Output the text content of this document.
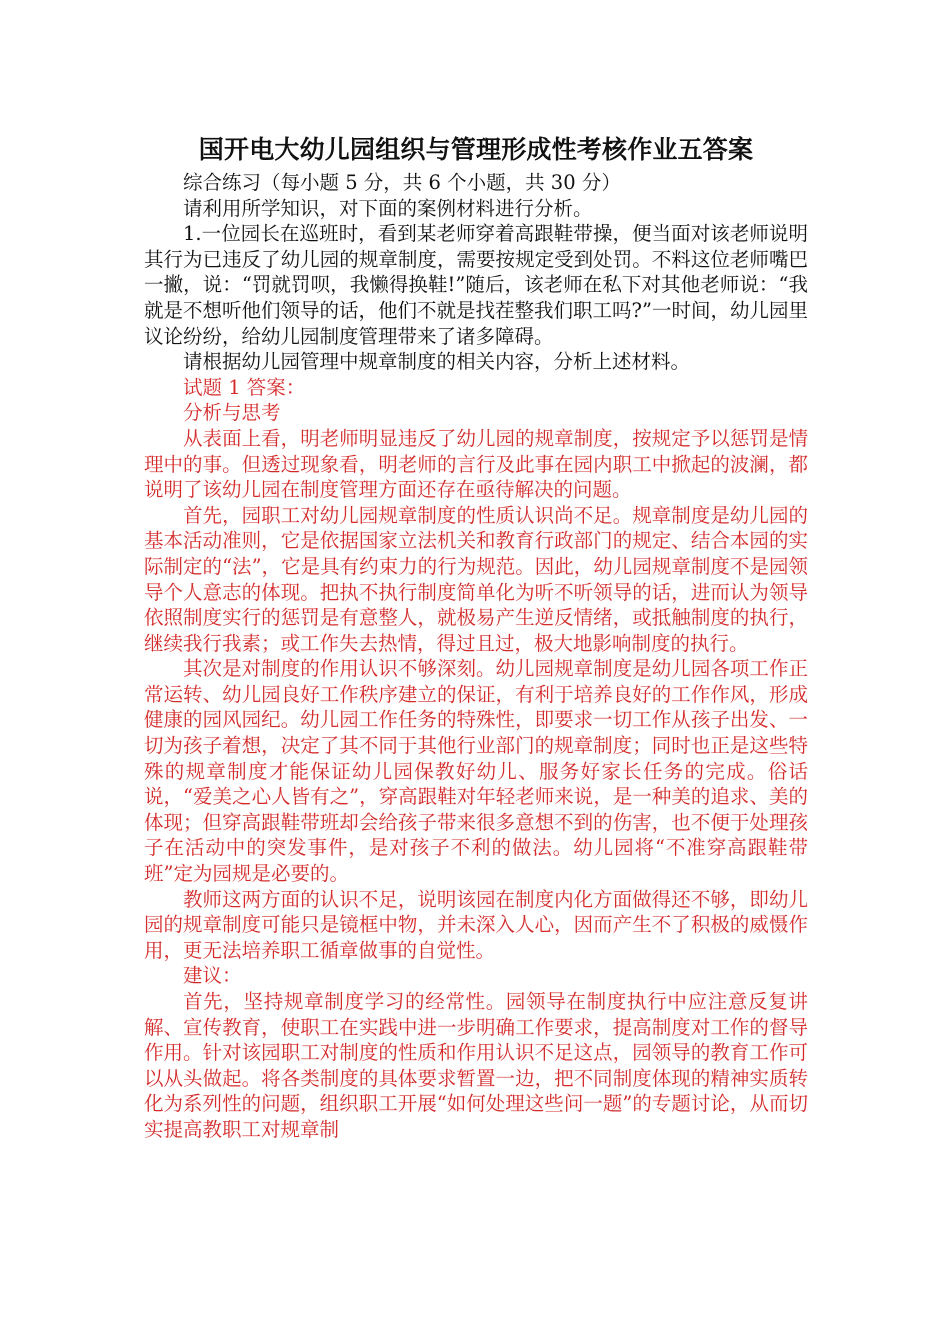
国开电大幼儿园组织与管理形成性考核作业五答案

综合练习（每小题 5 分，共 6 个小题，共 30 分）

请利用所学知识，对下面的案例材料进行分析。

1.一位园长在巡班时，看到某老师穿着高跟鞋带操，便当面对该老师说明其行为已违反了幼儿园的规章制度，需要按规定受到处罚。不料这位老师嘴巴一撇，说：“罚就罚呗，我懒得换鞋!”随后，该老师在私下对其他老师说：“我就是不想听他们领导的话，他们不就是找茬整我们职工吗?”一时间，幼儿园里议论纷纷，给幼儿园制度管理带来了诸多障碍。

请根据幼儿园管理中规章制度的相关内容，分析上述材料。

试题 1 答案：

分析与思考

从表面上看，明老师明显违反了幼儿园的规章制度，按规定予以惩罚是情理中的事。但透过现象看，明老师的言行及此事在园内职工中掀起的波澜，都说明了该幼儿园在制度管理方面还存在亟待解决的问题。

首先，园职工对幼儿园规章制度的性质认识尚不足。规章制度是幼儿园的基本活动准则，它是依据国家立法机关和教育行政部门的规定、结合本园的实际制定的“法”，它是具有约束力的行为规范。因此，幼儿园规章制度不是园领导个人意志的体现。把执不执行制度简单化为听不听领导的话，进而认为领导依照制度实行的惩罚是有意整人，就极易产生逆反情绪，或抵触制度的执行，继续我行我素；或工作失去热情，得过且过，极大地影响制度的执行。

其次是对制度的作用认识不够深刻。幼儿园规章制度是幼儿园各项工作正常运转、幼儿园良好工作秩序建立的保证，有利于培养良好的工作作风，形成健康的园风园纪。幼儿园工作任务的特殊性，即要求一切工作从孩子出发、一切为孩子着想，决定了其不同于其他行业部门的规章制度；同时也正是这些特殊的规章制度才能保证幼儿园保教好幼儿、服务好家长任务的完成。俗话说，“爱美之心人皆有之”，穿高跟鞋对年轻老师来说，是一种美的追求、美的体现；但穿高跟鞋带班却会给孩子带来很多意想不到的伤害，也不便于处理孩子在活动中的突发事件，是对孩子不利的做法。幼儿园将“不准穿高跟鞋带班”定为园规是必要的。

教师这两方面的认识不足，说明该园在制度内化方面做得还不够，即幼儿园的规章制度可能只是镜框中物，并未深入人心，因而产生不了积极的威慑作用，更无法培养职工循章做事的自觉性。

建议：

首先，坚持规章制度学习的经常性。园领导在制度执行中应注意反复讲解、宣传教育，使职工在实践中进一步明确工作要求，提高制度对工作的督导作用。针对该园职工对制度的性质和作用认识不足这点，园领导的教育工作可以从头做起。将各类制度的具体要求暂置一边，把不同制度体现的精神实质转化为系列性的问题，组织职工开展“如何处理这些问一题”的专题讨论，从而切实提高教职工对规章制
